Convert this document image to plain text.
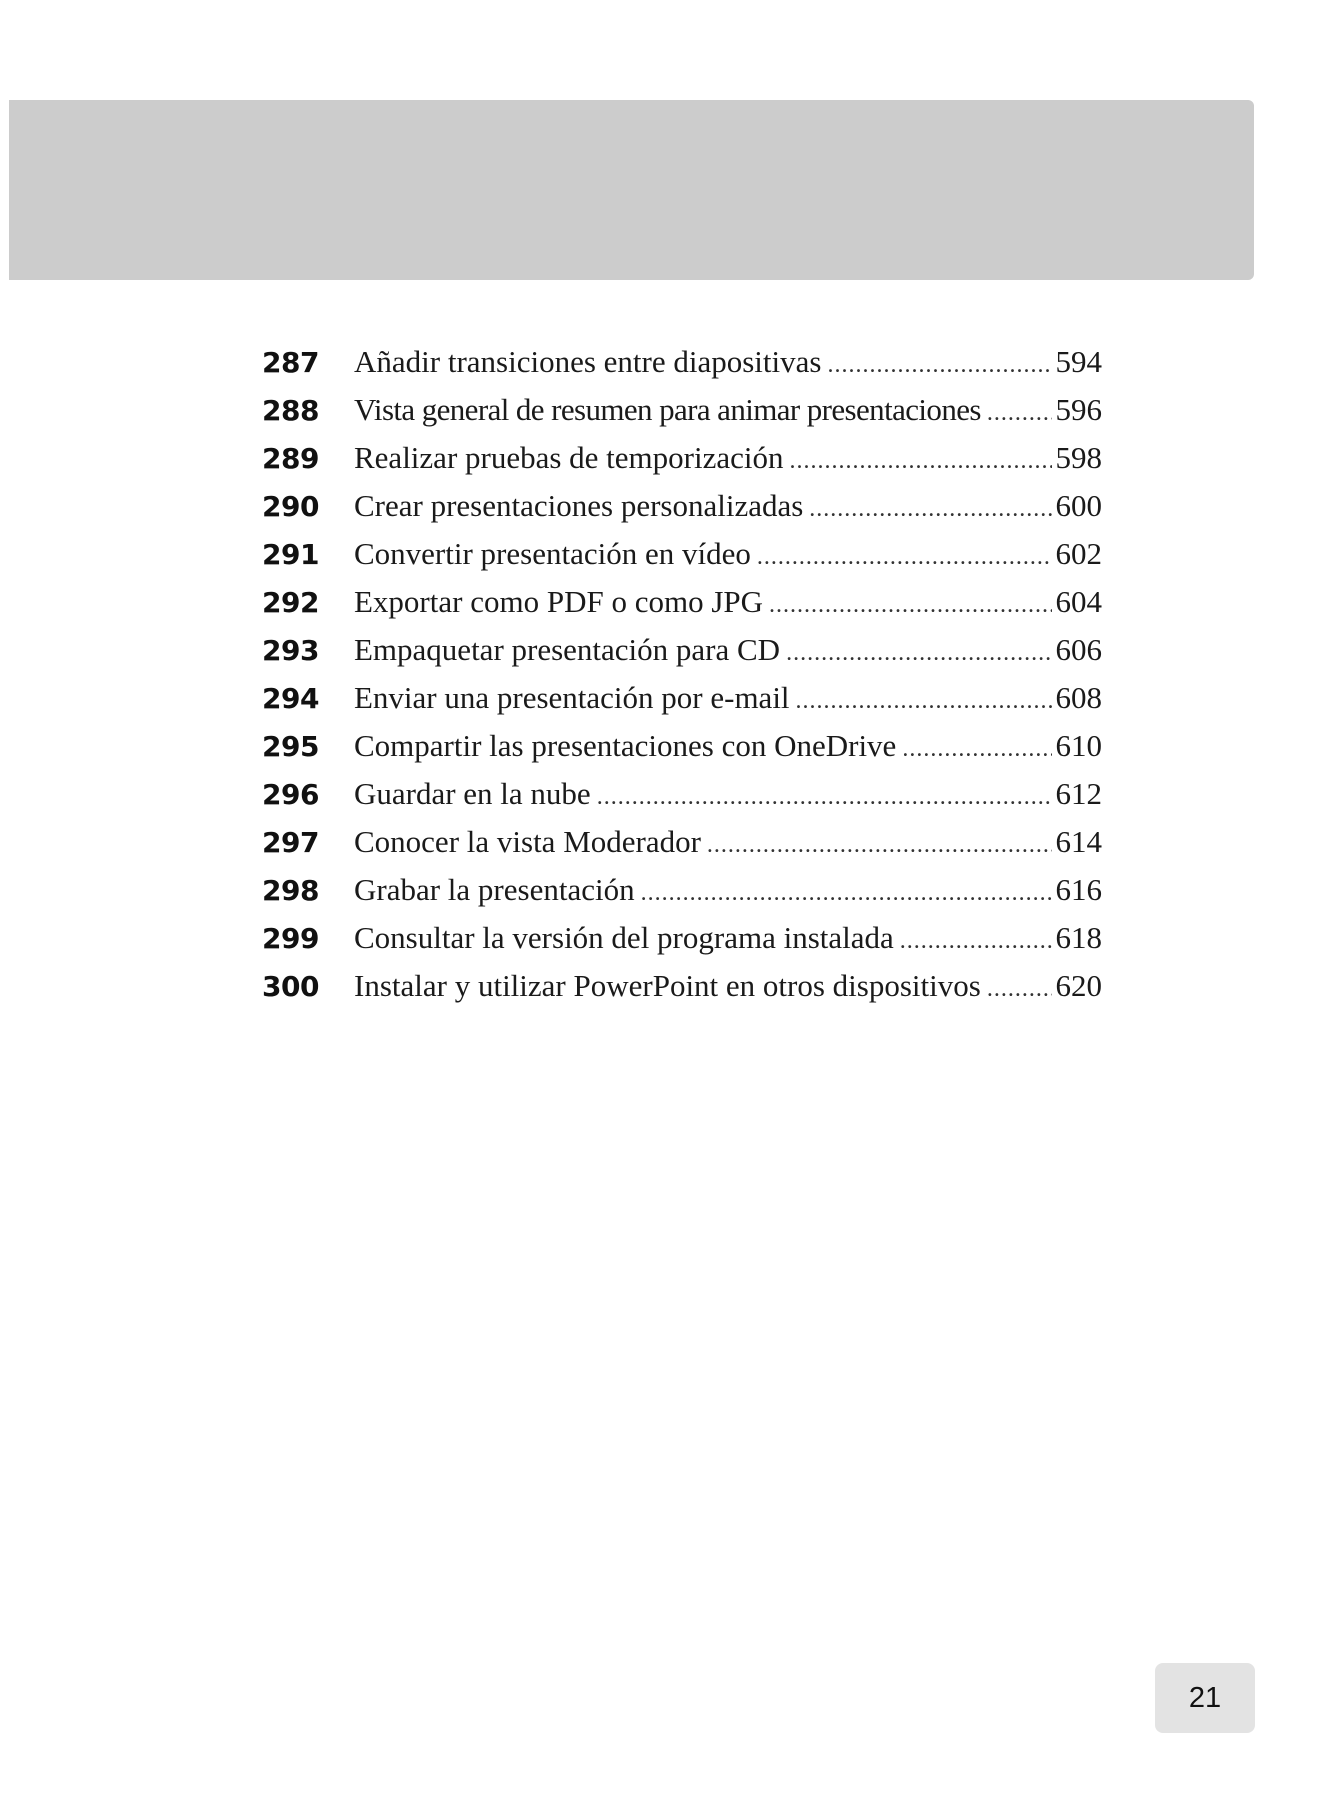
287	Añadir transiciones entre diapositivas .....	594
288	Vista general de resumen para animar presentaciones ..... 596
289	Realizar pruebas de temporización .....	598
290	Crear presentaciones personalizadas .....	600
291	Convertir presentación en vídeo .....	602
292	Exportar como PDF o como JPG .....	604
293	Empaquetar presentación para CD .....	606
294	Enviar una presentación por e-mail .....	608
295	Compartir las presentaciones con OneDrive .....	610
296	Guardar en la nube .....	612
297	Conocer la vista Moderador .....	614
298	Grabar la presentación .....	616
299	Consultar la versión del programa instalada .....	618
300	Instalar y utilizar PowerPoint en otros dispositivos ..... 620
21
